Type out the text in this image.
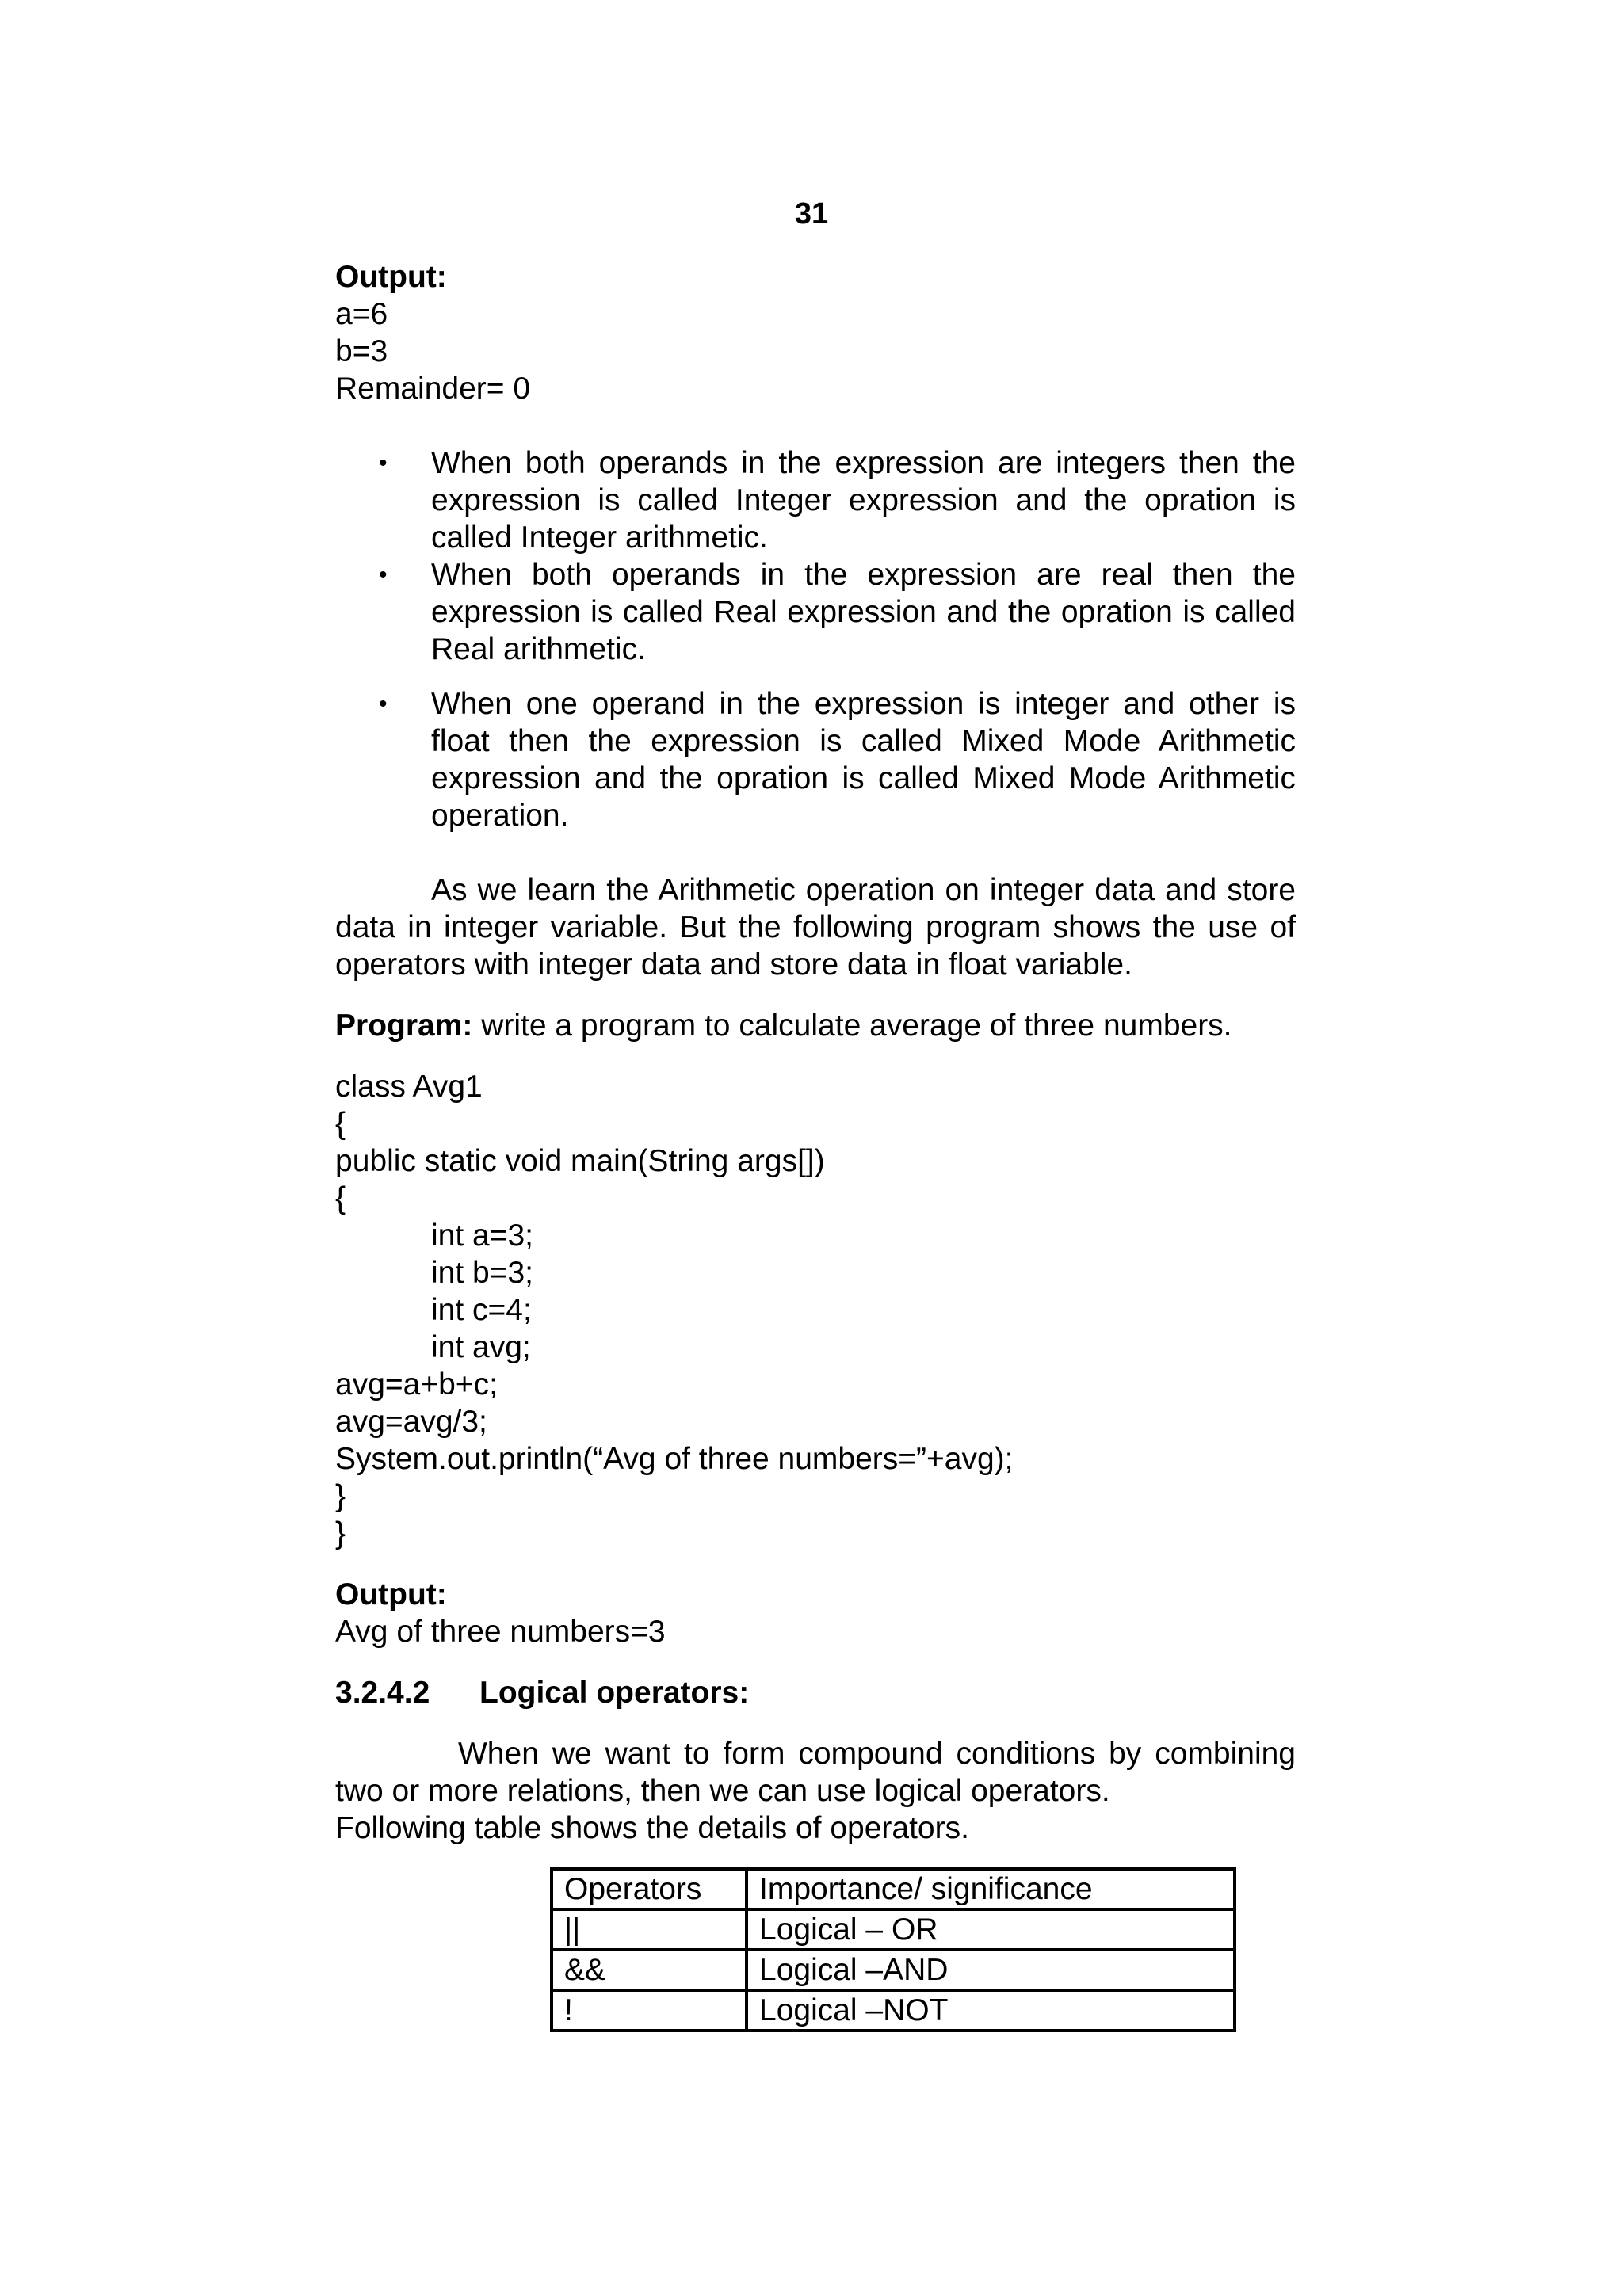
31
Output:
a=6
b=3
Remainder= 0
• When both operands in the expression are integers then the expression is called Integer expression and the opration is called Integer arithmetic.
• When both operands in the expression are real then the expression is called Real expression and the opration is called Real arithmetic.
• When one operand in the expression is integer and other is float then the expression is called Mixed Mode Arithmetic expression and the opration is called Mixed Mode Arithmetic operation.
As we learn the Arithmetic operation on integer data and store data in integer variable. But the following program shows the use of operators with integer data and store data in float variable.
Program: write a program to calculate average of three numbers.
class Avg1
{
public static void main(String args[])
{
int a=3;
int b=3;
int c=4;
int avg;
avg=a+b+c;
avg=avg/3;
System.out.println(“Avg of three numbers=”+avg);
}
}
Output:
Avg of three numbers=3
3.2.4.2 Logical operators:
When we want to form compound conditions by combining two or more relations, then we can use logical operators.
Following table shows the details of operators.
Operators	Importance/ significance
||	Logical – OR
&&	Logical –AND
!	Logical –NOT
